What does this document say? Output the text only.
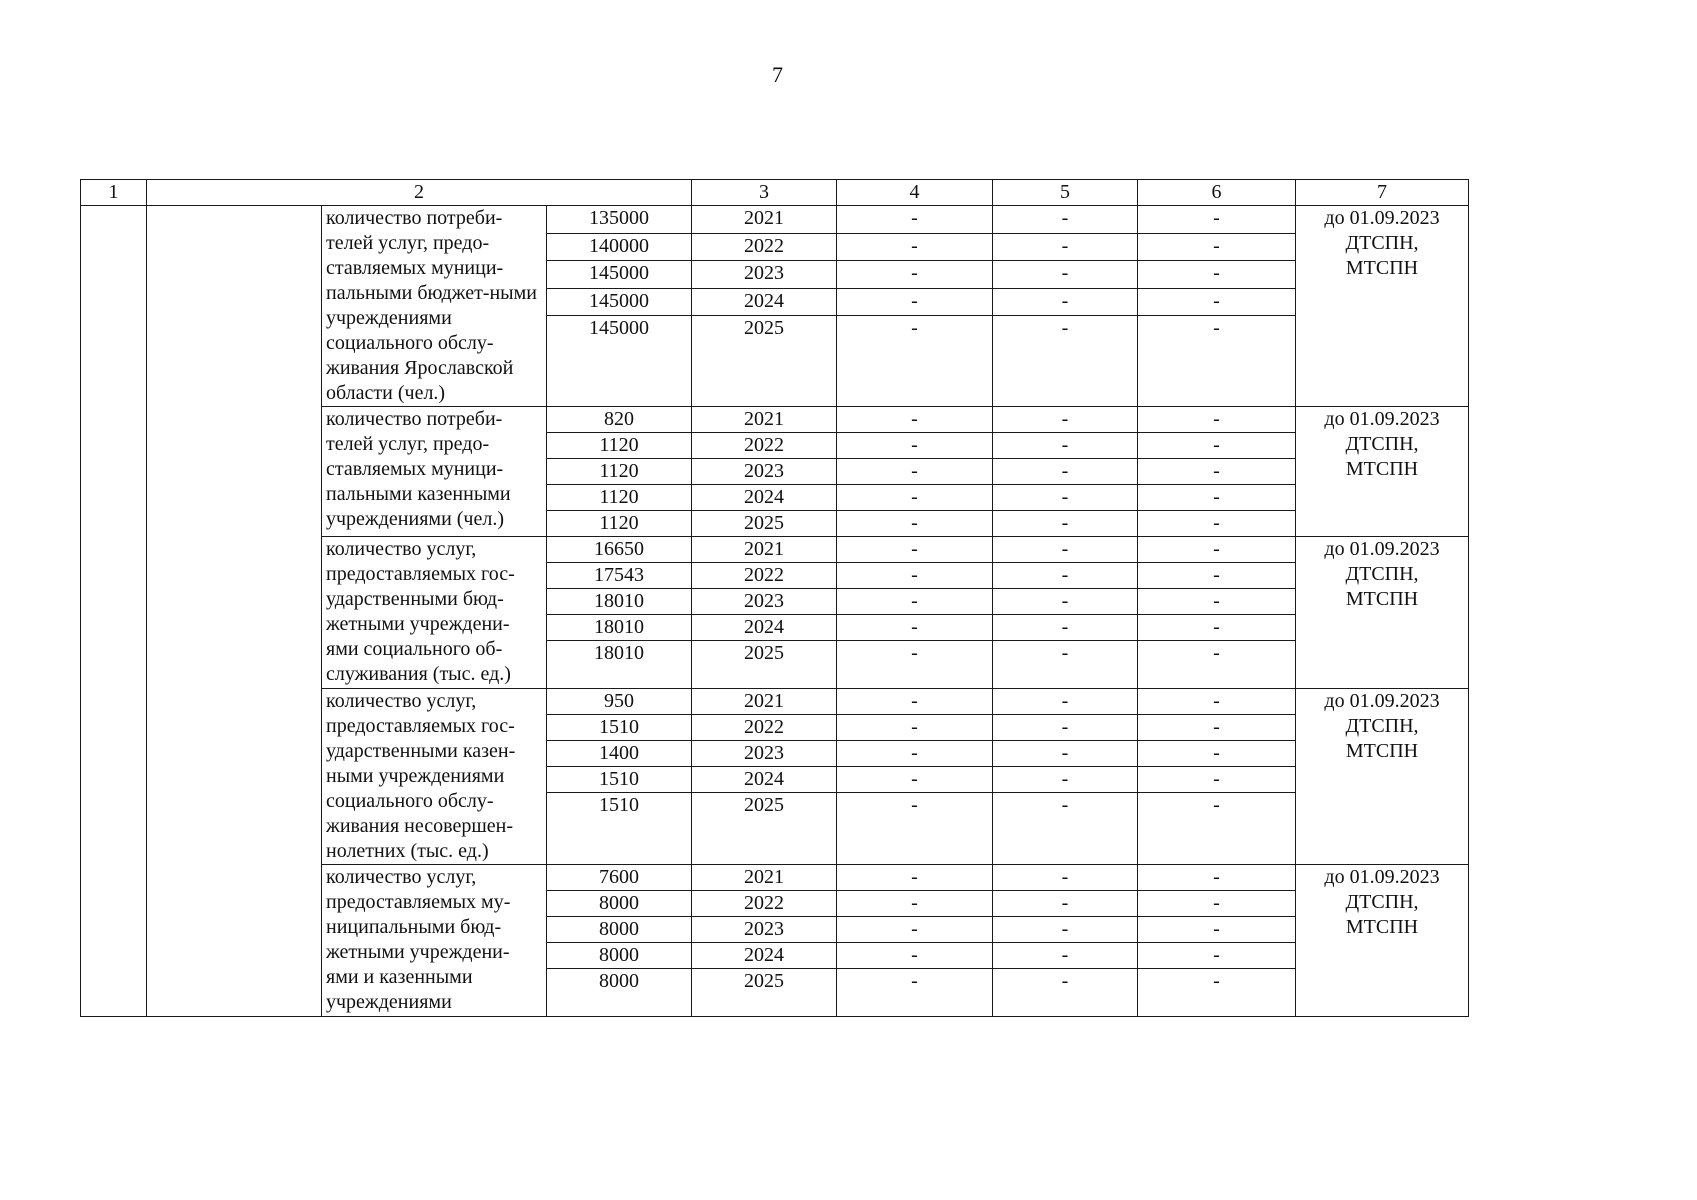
7
1	2			3	4	5	6	7
		количество потреби-телей услуг, предо-ставляемых муници-пальными бюджет-ными учреждениями социального обслу-живания Ярославской области (чел.)	135000	2021	-	-	-	до 01.09.2023
ДТСПН,
МТСПН

			140000	2022	-	-	-	
			145000	2023	-	-	-	
			145000	2024	-	-	-	
			145000	2025	-	-	-	
		количество потреби-телей услуг, предо-ставляемых муници-пальными казенными учреждениями (чел.)	820	2021	-	-	-	до 01.09.2023
ДТСПН,
МТСПН

			1120	2022	-	-	-	
			1120	2023	-	-	-	
			1120	2024	-	-	-	
			1120	2025	-	-	-	
		количество услуг, предоставляемых гос-ударственными бюд-жетными учреждени-ями социального об-служивания (тыс. ед.)	16650	2021	-	-	-	до 01.09.2023
ДТСПН,
МТСПН

			17543	2022	-	-	-	
			18010	2023	-	-	-	
			18010	2024	-	-	-	
			18010	2025	-	-	-	
		количество услуг, предоставляемых гос-ударственными казен-ными учреждениями социального обслу-живания несовершен-нолетних (тыс. ед.)	950	2021	-	-	-	до 01.09.2023
ДТСПН,
МТСПН

			1510	2022	-	-	-	
			1400	2023	-	-	-	
			1510	2024	-	-	-	
			1510	2025	-	-	-	
		количество услуг, предоставляемых му-ниципальными бюд-жетными учреждени-ями и казенными учреждениями	7600	2021	-	-	-	до 01.09.2023
ДТСПН,
МТСПН

			8000	2022	-	-	-	
			8000	2023	-	-	-	
			8000	2024	-	-	-	
			8000	2025	-	-	-	
